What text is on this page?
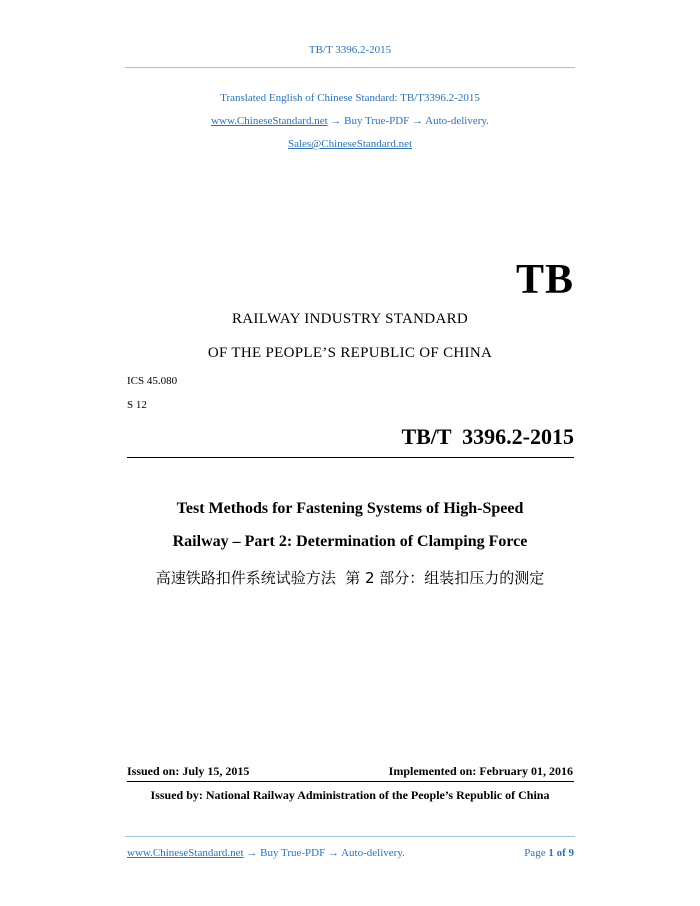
TB/T 3396.2-2015
Translated English of Chinese Standard: TB/T3396.2-2015
www.ChineseStandard.net → Buy True-PDF → Auto-delivery.
Sales@ChineseStandard.net
TB
RAILWAY INDUSTRY STANDARD
OF THE PEOPLE’S REPUBLIC OF CHINA
ICS 45.080
S 12
TB/T  3396.2-2015
Test Methods for Fastening Systems of High-Speed
Railway – Part 2: Determination of Clamping Force
高速铁路扣件系统试验方法  第 2 部分：组装扣压力的测定
Issued on: July 15, 2015	Implemented on: February 01, 2016
Issued by: National Railway Administration of the People’s Republic of China
www.ChineseStandard.net → Buy True-PDF → Auto-delivery.	Page 1 of 9
